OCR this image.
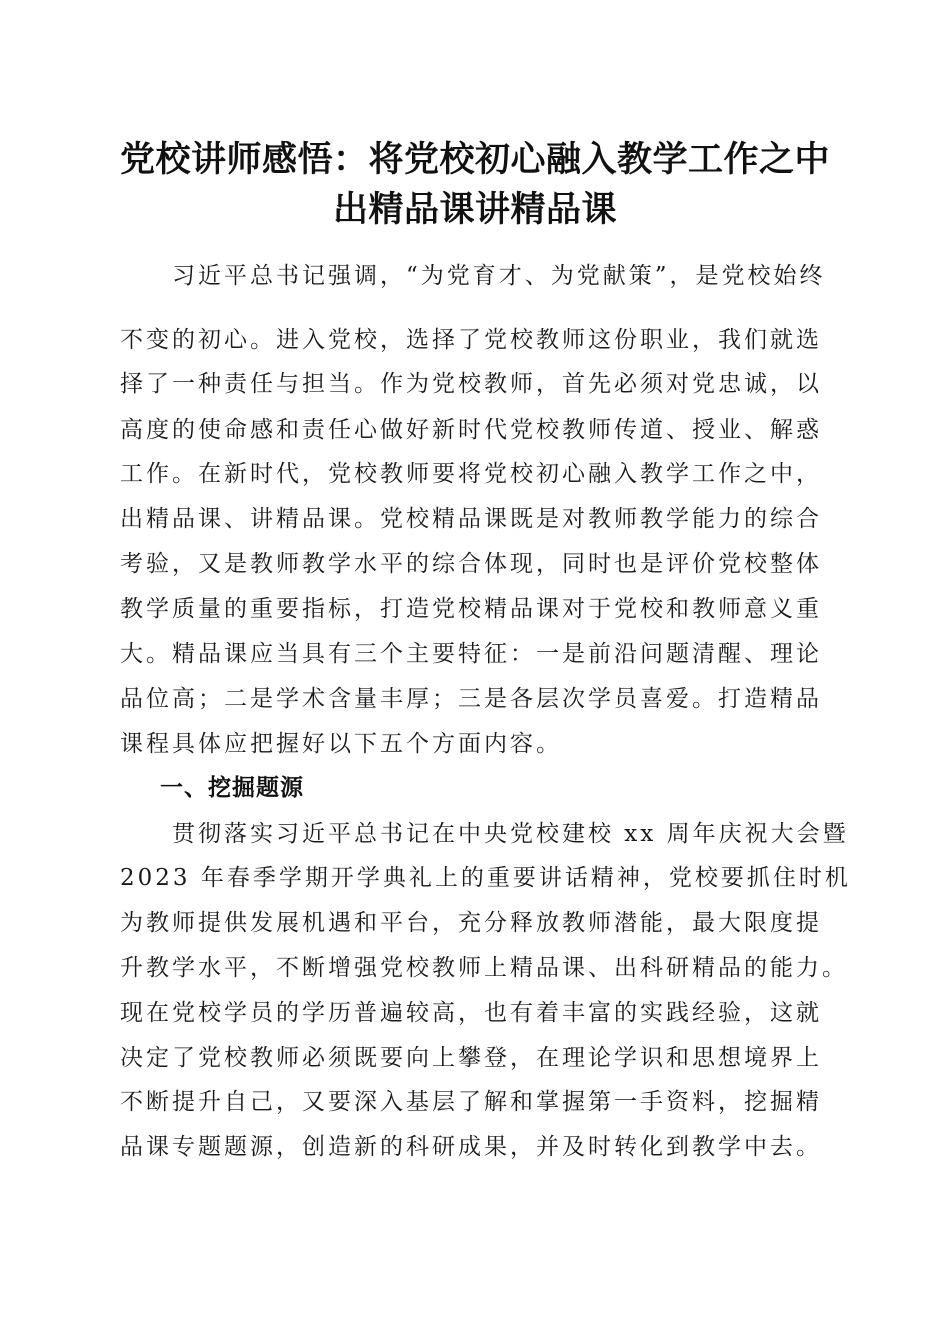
党校讲师感悟：将党校初心融入教学工作之中
出精品课讲精品课
　　习近平总书记强调，“为党育才、为党献策”，是党校始终
不变的初心。进入党校，选择了党校教师这份职业，我们就选
择了一种责任与担当。作为党校教师，首先必须对党忠诚，以
高度的使命感和责任心做好新时代党校教师传道、授业、解惑
工作。在新时代，党校教师要将党校初心融入教学工作之中，
出精品课、讲精品课。党校精品课既是对教师教学能力的综合
考验，又是教师教学水平的综合体现，同时也是评价党校整体
教学质量的重要指标，打造党校精品课对于党校和教师意义重
大。精品课应当具有三个主要特征：一是前沿问题清醒、理论
品位高；二是学术含量丰厚；三是各层次学员喜爱。打造精品
课程具体应把握好以下五个方面内容。
一、挖掘题源
　　贯彻落实习近平总书记在中央党校建校 xx 周年庆祝大会暨
2023 年春季学期开学典礼上的重要讲话精神，党校要抓住时机
为教师提供发展机遇和平台，充分释放教师潜能，最大限度提
升教学水平，不断增强党校教师上精品课、出科研精品的能力。
现在党校学员的学历普遍较高，也有着丰富的实践经验，这就
决定了党校教师必须既要向上攀登，在理论学识和思想境界上
不断提升自己，又要深入基层了解和掌握第一手资料，挖掘精
品课专题题源，创造新的科研成果，并及时转化到教学中去。
